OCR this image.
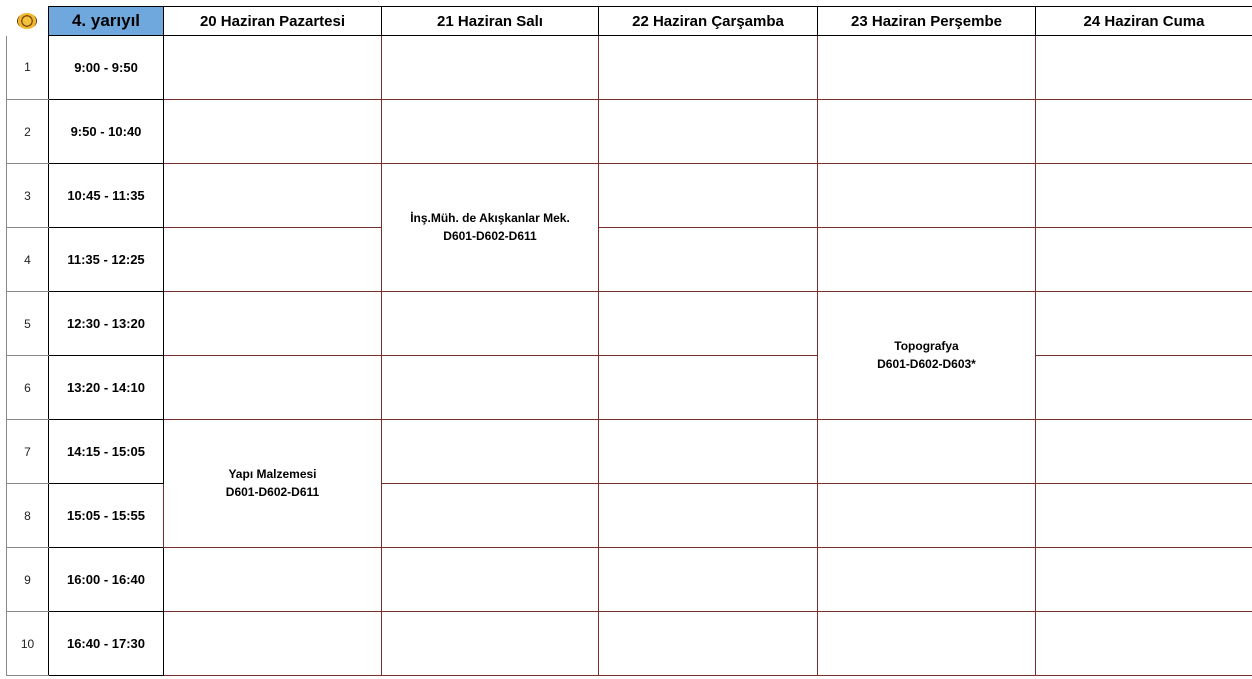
	4. yarıyıl	20 Haziran Pazartesi	21 Haziran Salı	22 Haziran Çarşamba	23 Haziran Perşembe	24 Haziran Cuma
1	9:00 - 9:50					
2	9:50 - 10:40					
3	10:45 - 11:35		İnş.Müh. de Akışkanlar Mek.
D601-D602-D611			

4	11:35 - 12:25					
5	12:30 - 13:20				Topografya
D601-D602-D603*	

6	13:20 - 14:10					
7	14:15 - 15:05	Yapı Malzemesi
D601-D602-D611				

8	15:05 - 15:55					
9	16:00 - 16:40					
10	16:40 - 17:30					
